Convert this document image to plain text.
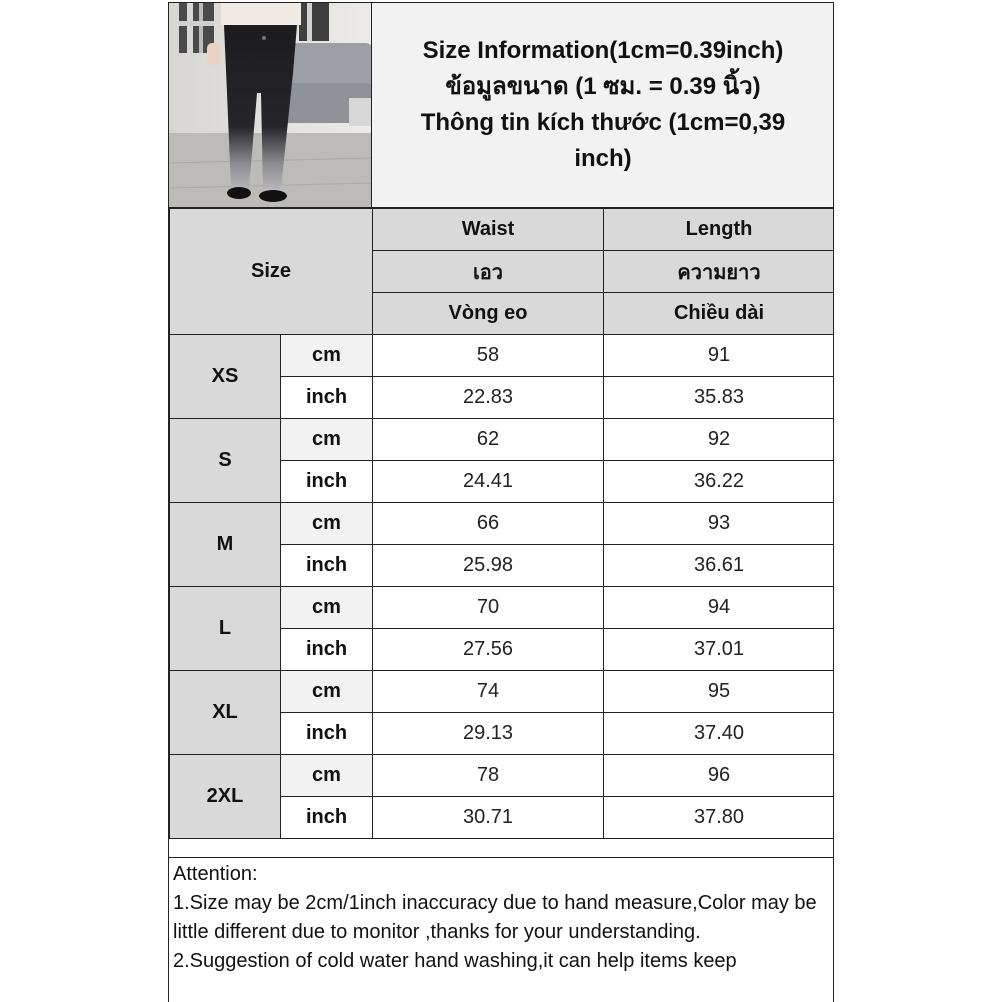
Size Information(1cm=0.39inch)
ข้อมูลขนาด (1 ซม. = 0.39 นิ้ว)
Thông tin kích thước (1cm=0,39 inch)
Size		Waist	Length
		เอว	ความยาว
		Vòng eo	Chiều dài
XS	cm	58	91
	inch	22.83	35.83
S	cm	62	92
	inch	24.41	36.22
M	cm	66	93
	inch	25.98	36.61
L	cm	70	94
	inch	27.56	37.01
XL	cm	74	95
	inch	29.13	37.40
2XL	cm	78	96
	inch	30.71	37.80

Attention:

1.Size may be 2cm/1inch inaccuracy due to hand measure,Color may be little different due to monitor ,thanks for your understanding.

2.Suggestion of cold water hand washing,it can help items keep
